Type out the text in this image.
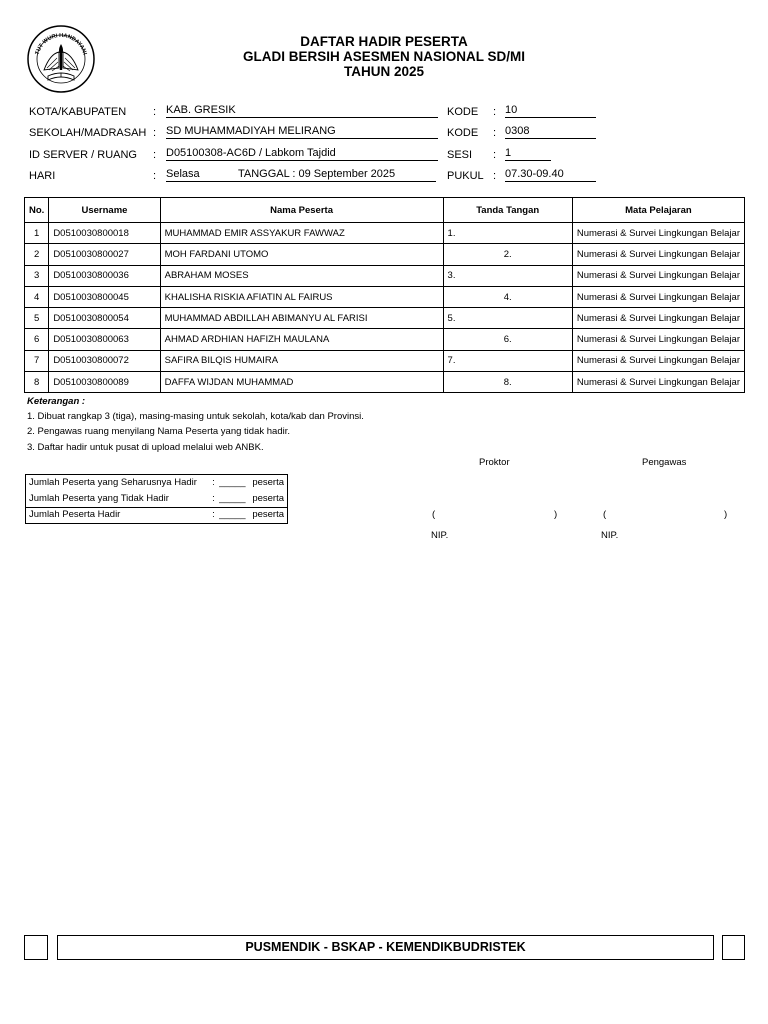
TUT WURI HANDAYANI
DAFTAR HADIR PESERTA
GLADI BERSIH ASESMEN NASIONAL SD/MI
TAHUN 2025
KOTA/KABUPATEN : KAB. GRESIK	KODE : 10
SEKOLAH/MADRASAH : SD MUHAMMADIYAH MELIRANG	KODE : 0308
ID SERVER / RUANG : D05100308-AC6D / Labkom Tajdid	SESI : 1
HARI	: Selasa	TANGGAL : 09 September 2025	PUKUL : 07.30-09.40
No.	Username	Nama Peserta	Tanda Tangan	Mata Pelajaran
1	D0510030800018	MUHAMMAD EMIR ASSYAKUR FAWWAZ	1.	Numerasi & Survei Lingkungan Belajar
2	D0510030800027	MOH FARDANI UTOMO	2.	Numerasi & Survei Lingkungan Belajar
3	D0510030800036	ABRAHAM MOSES	3.	Numerasi & Survei Lingkungan Belajar
4	D0510030800045	KHALISHA RISKIA AFIATIN AL FAIRUS	4.	Numerasi & Survei Lingkungan Belajar
5	D0510030800054	MUHAMMAD ABDILLAH ABIMANYU AL FARISI	5.	Numerasi & Survei Lingkungan Belajar
6	D0510030800063	AHMAD ARDHIAN HAFIZH MAULANA	6.	Numerasi & Survei Lingkungan Belajar
7	D0510030800072	SAFIRA BILQIS HUMAIRA	7.	Numerasi & Survei Lingkungan Belajar
8	D0510030800089	DAFFA WIJDAN MUHAMMAD	8.	Numerasi & Survei Lingkungan Belajar
Keterangan :
1. Dibuat rangkap 3 (tiga), masing-masing untuk sekolah, kota/kab dan Provinsi.
2. Pengawas ruang menyilang Nama Peserta yang tidak hadir.
3. Daftar hadir untuk pusat di upload melalui web ANBK.
Proktor	Pengawas
(	)	(	)
NIP.	NIP.
Jumlah Peserta yang Seharusnya Hadir	:	_____	peserta
Jumlah Peserta yang Tidak Hadir	:	_____	peserta
Jumlah Peserta Hadir	:	_____	peserta
PUSMENDIK - BSKAP - KEMENDIKBUDRISTEK
